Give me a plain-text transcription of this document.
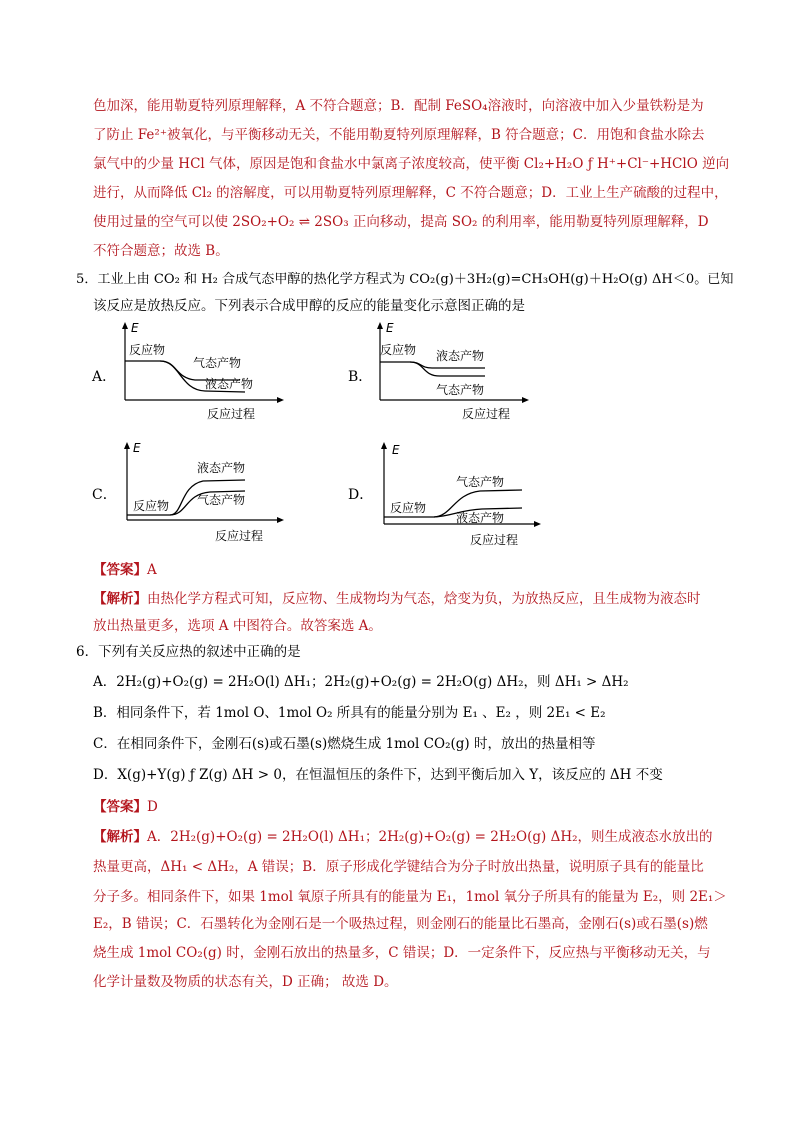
色加深，能用勒夏特列原理解释，A 不符合题意；B．配制 FeSO₄溶液时，向溶液中加入少量铁粉是为
了防止 Fe²⁺被氧化，与平衡移动无关，不能用勒夏特列原理解释，B 符合题意；C．用饱和食盐水除去
氯气中的少量 HCl 气体，原因是饱和食盐水中氯离子浓度较高，使平衡 Cl₂+H₂O ƒ H⁺+Cl⁻+HClO 逆向
进行，从而降低 Cl₂ 的溶解度，可以用勒夏特列原理解释，C 不符合题意；D．工业上生产硫酸的过程中，
使用过量的空气可以使 2SO₂+O₂ ⇌ 2SO₃ 正向移动，提高 SO₂ 的利用率，能用勒夏特列原理解释，D
不符合题意；故选 B。
5．工业上由 CO₂ 和 H₂ 合成气态甲醇的热化学方程式为 CO₂(g)＋3H₂(g)=CH₃OH(g)＋H₂O(g) ΔH＜0。已知
该反应是放热反应。下列表示合成甲醇的反应的能量变化示意图正确的是
A．
E
反应物
气态产物
液态产物
反应过程
B．
E
反应物 液态产物
气态产物
反应过程
C．
E
反应物
液态产物
气态产物
反应过程
D．
E
反应物
气态产物
液态产物
反应过程
【答案】A
【解析】由热化学方程式可知，反应物、生成物均为气态，焓变为负，为放热反应，且生成物为液态时
放出热量更多，选项 A 中图符合。故答案选 A。
6．下列有关反应热的叙述中正确的是
A．2H₂(g)+O₂(g) = 2H₂O(l) ΔH₁；2H₂(g)+O₂(g) = 2H₂O(g) ΔH₂，则 ΔH₁ > ΔH₂
B．相同条件下，若 1mol O、1mol O₂ 所具有的能量分别为 E₁ 、E₂ ，则 2E₁ < E₂
C．在相同条件下，金刚石(s)或石墨(s)燃烧生成 1mol CO₂(g) 时，放出的热量相等
D．X(g)+Y(g) ƒ Z(g) ΔH > 0，在恒温恒压的条件下，达到平衡后加入 Y，该反应的 ΔH 不变
【答案】D
【解析】A．2H₂(g)+O₂(g) = 2H₂O(l) ΔH₁；2H₂(g)+O₂(g) = 2H₂O(g) ΔH₂，则生成液态水放出的
热量更高，ΔH₁ < ΔH₂，A 错误；B．原子形成化学键结合为分子时放出热量，说明原子具有的能量比
分子多。相同条件下，如果 1mol 氧原子所具有的能量为 E₁，1mol 氧分子所具有的能量为 E₂，则 2E₁＞
E₂，B 错误；C．石墨转化为金刚石是一个吸热过程，则金刚石的能量比石墨高，金刚石(s)或石墨(s)燃
烧生成 1mol CO₂(g) 时，金刚石放出的热量多，C 错误；D．一定条件下，反应热与平衡移动无关，与
化学计量数及物质的状态有关，D 正确； 故选 D。
